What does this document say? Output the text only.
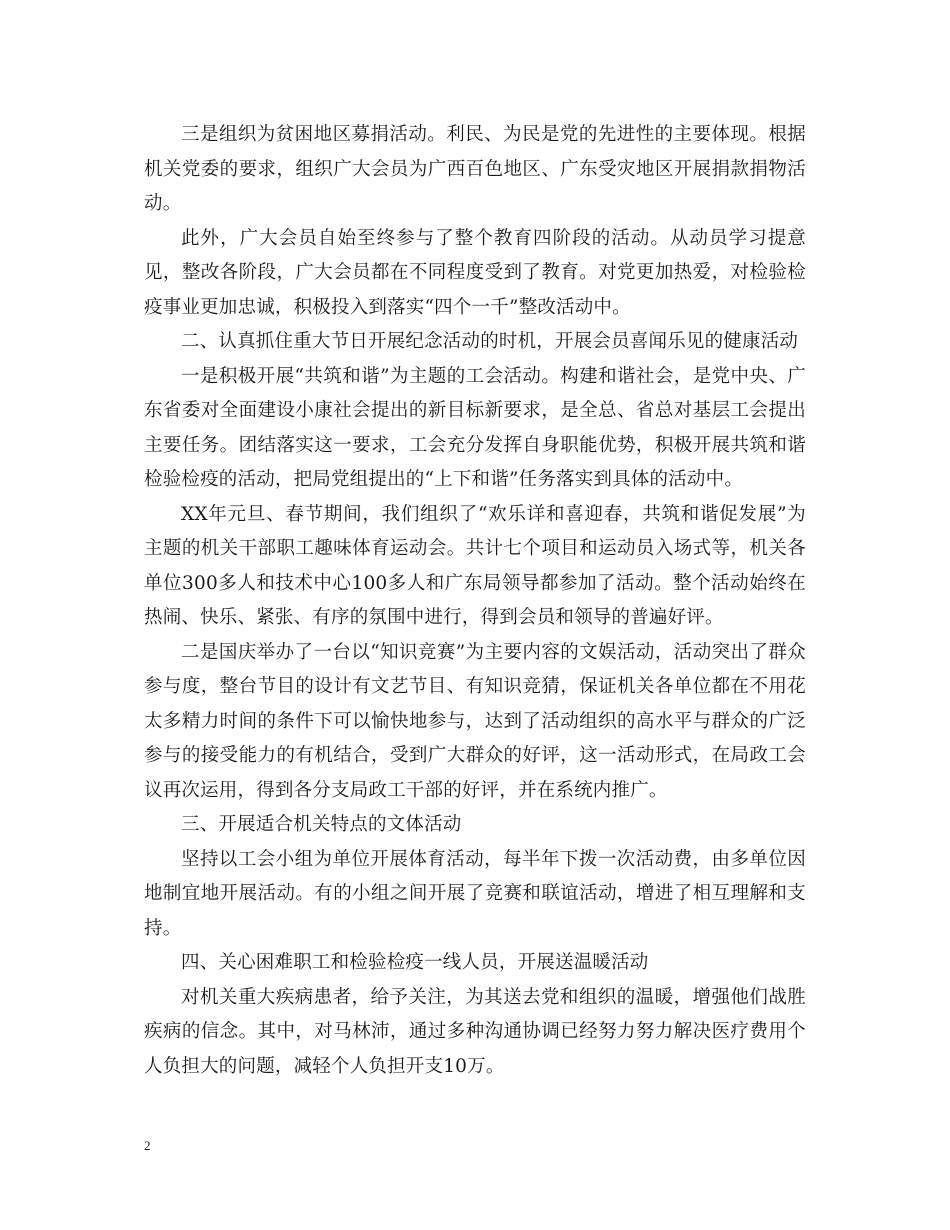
三是组织为贫困地区募捐活动。利民、为民是党的先进性的主要体现。根据机关党委的要求，组织广大会员为广西百色地区、广东受灾地区开展捐款捐物活动。

此外，广大会员自始至终参与了整个教育四阶段的活动。从动员学习提意见，整改各阶段，广大会员都在不同程度受到了教育。对党更加热爱，对检验检疫事业更加忠诚，积极投入到落实“四个一千”整改活动中。

二、认真抓住重大节日开展纪念活动的时机，开展会员喜闻乐见的健康活动

一是积极开展“共筑和谐”为主题的工会活动。构建和谐社会，是党中央、广东省委对全面建设小康社会提出的新目标新要求，是全总、省总对基层工会提出主要任务。团结落实这一要求，工会充分发挥自身职能优势，积极开展共筑和谐检验检疫的活动，把局党组提出的“上下和谐”任务落实到具体的活动中。

XX年元旦、春节期间，我们组织了“欢乐详和喜迎春，共筑和谐促发展”为主题的机关干部职工趣味体育运动会。共计七个项目和运动员入场式等，机关各单位300多人和技术中心100多人和广东局领导都参加了活动。整个活动始终在热闹、快乐、紧张、有序的氛围中进行，得到会员和领导的普遍好评。

二是国庆举办了一台以“知识竞赛”为主要内容的文娱活动，活动突出了群众参与度，整台节目的设计有文艺节目、有知识竞猜，保证机关各单位都在不用花太多精力时间的条件下可以愉快地参与，达到了活动组织的高水平与群众的广泛参与的接受能力的有机结合，受到广大群众的好评，这一活动形式，在局政工会议再次运用，得到各分支局政工干部的好评，并在系统内推广。

三、开展适合机关特点的文体活动

坚持以工会小组为单位开展体育活动，每半年下拨一次活动费，由多单位因地制宜地开展活动。有的小组之间开展了竞赛和联谊活动，增进了相互理解和支持。

四、关心困难职工和检验检疫一线人员，开展送温暖活动

对机关重大疾病患者，给予关注，为其送去党和组织的温暖，增强他们战胜疾病的信念。其中，对马林沛，通过多种沟通协调已经努力努力解决医疗费用个人负担大的问题，减轻个人负担开支10万。

2
